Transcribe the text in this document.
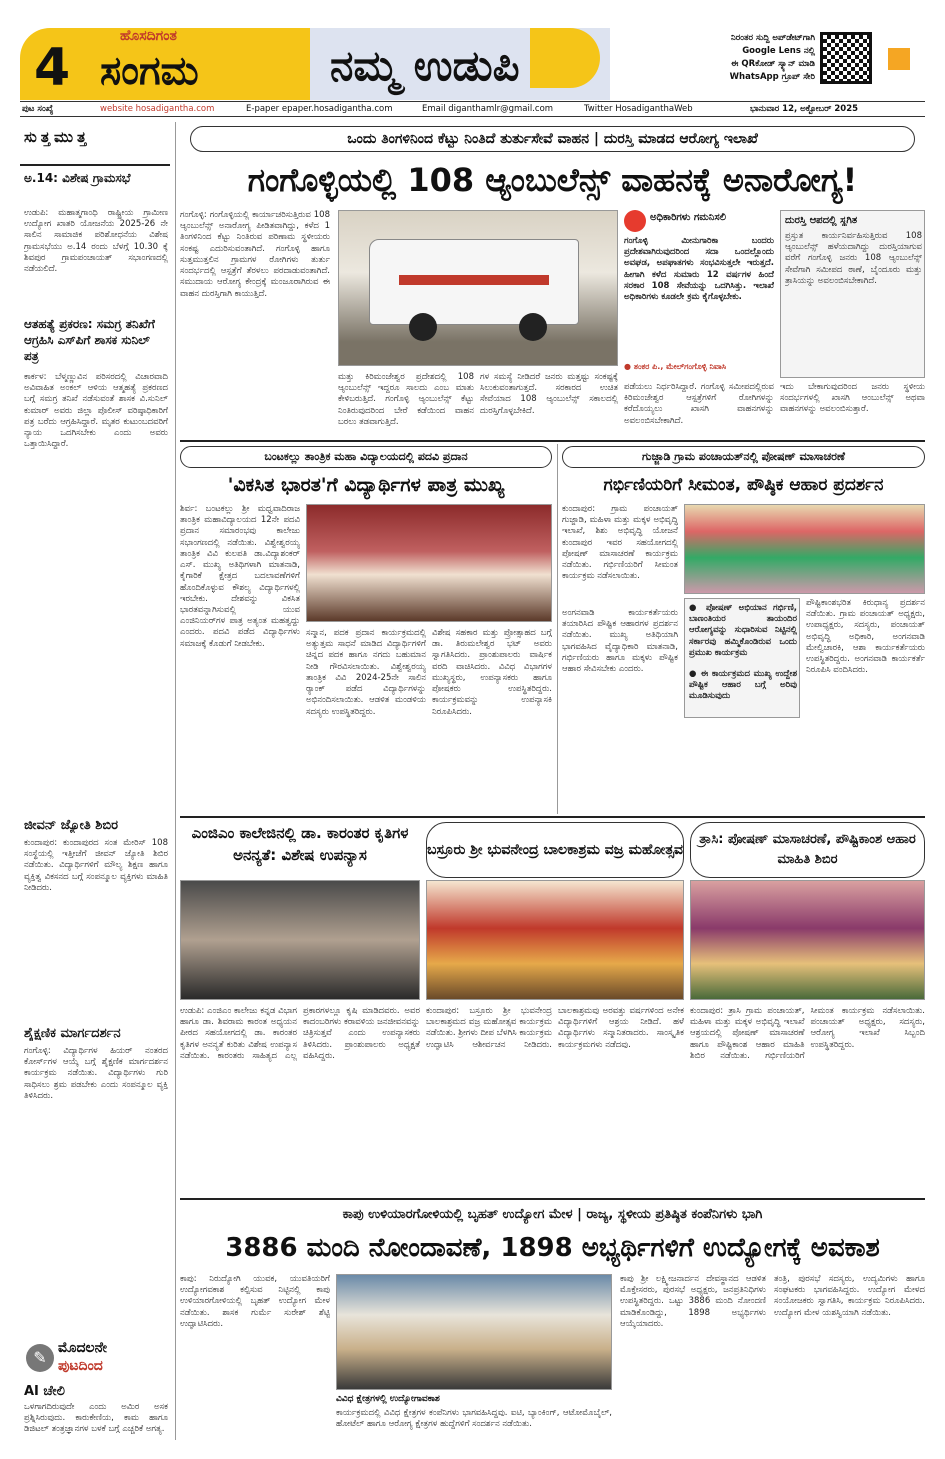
4
ಹೊಸದಿಗಂತ
ಸಂಗಮ	ನಮ್ಮ ಉಡುಪಿ
ನಿರಂತರ ಸುದ್ದಿ ಅಪ್‌ಡೇಟ್‌ಗಾಗಿ
Google Lens ನಲ್ಲಿ
ಈ QRಕೋಡ್ ಸ್ಕ್ಯಾನ್ ಮಾಡಿ
WhatsApp ಗ್ರೂಪ್ ಸೇರಿ
ಪುಟ ಸಂಖ್ಯೆ	website hosadigantha.com	E-paper epaper.hosadigantha.com	Email diganthamlr@gmail.com	Twitter HosadiganthaWeb	ಭಾನುವಾರ 12, ಅಕ್ಟೋಬರ್ 2025
ಸುತ್ತಮುತ್ತ
ಅ.14: ವಿಶೇಷ ಗ್ರಾಮಸಭೆ
ಉಡುಪಿ: ಮಹಾತ್ಮಗಾಂಧಿ ರಾಷ್ಟ್ರೀಯ ಗ್ರಾಮೀಣ ಉದ್ಯೋಗ ಖಾತರಿ ಯೋಜನೆಯ 2025-26 ನೇ ಸಾಲಿನ ಸಾಮಾಜಿಕ ಪರಿಶೋಧನೆಯ ವಿಶೇಷ ಗ್ರಾಮಸಭೆಯು ಅ.14 ರಂದು ಬೆಳಗ್ಗೆ 10.30 ಕ್ಕೆ ಶಿವಪುರ ಗ್ರಾಮಪಂಚಾಯತ್‌ ಸಭಾಂಗಣದಲ್ಲಿ ನಡೆಯಲಿದೆ.
ಆತಹತ್ಯೆ ಪ್ರಕರಣ: ಸಮಗ್ರ ತನಿಖೆಗೆ ಆಗ್ರಹಿಸಿ ಎಸ್‌ಪಿಗೆ ಶಾಸಕ ಸುನಿಲ್ ಪತ್ರ
ಕಾರ್ಕಳ: ಬೆಳ್ಮಣ್ಣುವಿನ ಪರಿಸರದಲ್ಲಿ ವಿಚಾರವಾದಿ ಅವಿವಾಹಿತ ಅಂಕಲ್ ಆಳಿಯ ಆತ್ಮಹತ್ಯೆ ಪ್ರಕರಣದ ಬಗ್ಗೆ ಸಮಗ್ರ ತನಿಖೆ ನಡೆಸುವಂತೆ ಶಾಸಕ ವಿ.ಸುನಿಲ್ ಕುಮಾರ್ ಅವರು ಜಿಲ್ಲಾ ಪೊಲೀಸ್ ವರಿಷ್ಠಾಧಿಕಾರಿಗೆ ಪತ್ರ ಬರೆದು ಆಗ್ರಹಿಸಿದ್ದಾರೆ. ಮೃತರ ಕುಟುಂಬದವರಿಗೆ ನ್ಯಾಯ ಒದಗಿಸಬೇಕು ಎಂದು ಅವರು ಒತ್ತಾಯಿಸಿದ್ದಾರೆ.
ಜೀವನ್ ಜ್ಯೋತಿ ಶಿಬಿರ
ಕುಂದಾಪುರ: ಕುಂದಾಪುರದ ಸಂತ ಮೇರಿಸ್ 108 ಸಂಸ್ಥೆಯಲ್ಲಿ ಇತ್ತೀಚೆಗೆ ಜೀವನ್ ಜ್ಯೋತಿ ಶಿಬಿರ ನಡೆಯಿತು. ವಿದ್ಯಾರ್ಥಿಗಳಿಗೆ ಮೌಲ್ಯ ಶಿಕ್ಷಣ ಹಾಗೂ ವ್ಯಕ್ತಿತ್ವ ವಿಕಸನದ ಬಗ್ಗೆ ಸಂಪನ್ಮೂಲ ವ್ಯಕ್ತಿಗಳು ಮಾಹಿತಿ ನೀಡಿದರು.
ಶೈಕ್ಷಣಿಕ ಮಾರ್ಗದರ್ಶನ
ಗಂಗೊಳ್ಳಿ: ವಿದ್ಯಾರ್ಥಿಗಳ ಹಿಯರ್ ನಂತರದ ಕೋರ್ಸ್‌ಗಳ ಆಯ್ಕೆ ಬಗ್ಗೆ ಶೈಕ್ಷಣಿಕ ಮಾರ್ಗದರ್ಶನ ಕಾರ್ಯಕ್ರಮ ನಡೆಯಿತು. ವಿದ್ಯಾರ್ಥಿಗಳು ಗುರಿ ಸಾಧಿಸಲು ಶ್ರಮ ಪಡಬೇಕು ಎಂದು ಸಂಪನ್ಮೂಲ ವ್ಯಕ್ತಿ ತಿಳಿಸಿದರು.
✎ ಮೊದಲನೇ
ಪುಟದಿಂದ
AI ಚೇಲಿ
ಒಳಗಾಗದಿರುವುದೇ ಎಂದು ಅಮಿರ ಅಸಕ ಪ್ರಶ್ನಿಸಿರುವುದು. ಕಾರುಕೇಣಿಯ, ಕಾಮ ಹಾಗೂ ಡಿಜಿಟಲ್ ತಂತ್ರಜ್ಞಾನಗಳ ಬಳಕೆ ಬಗ್ಗೆ ಎಚ್ಚರಿಕೆ ಅಗತ್ಯ.
ಒಂದು ತಿಂಗಳಿನಿಂದ ಕೆಟ್ಟು ನಿಂತಿದೆ ತುರ್ತುಸೇವೆ ವಾಹನ | ದುರಸ್ತಿ ಮಾಡದ ಆರೋಗ್ಯ ಇಲಾಖೆ
ಗಂಗೊಳ್ಳಿಯಲ್ಲಿ 108 ಆ್ಯಂಬುಲೆನ್ಸ್ ವಾಹನಕ್ಕೆ ಅನಾರೋಗ್ಯ!
ಗಂಗೊಳ್ಳಿ: ಗಂಗೊಳ್ಳಿಯಲ್ಲಿ ಕಾರ್ಯಾಚರಿಸುತ್ತಿರುವ 108 ಆ್ಯಂಬುಲೆನ್ಸ್ ಅನಾರೋಗ್ಯ ಪೀಡಿತವಾಗಿದ್ದು, ಕಳೆದ 1 ತಿಂಗಳಿನಿಂದ ಕೆಟ್ಟು ನಿಂತಿರುವ ಪರಿಣಾಮ ಸ್ಥಳೀಯರು ಸಂಕಷ್ಟ ಎದುರಿಸುವಂತಾಗಿದೆ. ಗಂಗೊಳ್ಳಿ ಹಾಗೂ ಸುತ್ತಮುತ್ತಲಿನ ಗ್ರಾಮಗಳ ರೋಗಿಗಳು ತುರ್ತು ಸಂದರ್ಭದಲ್ಲಿ ಆಸ್ಪತ್ರೆಗೆ ತೆರಳಲು ಪರದಾಡುವಂತಾಗಿದೆ. ಸಮುದಾಯ ಆರೋಗ್ಯ ಕೇಂದ್ರಕ್ಕೆ ಮಂಜೂರಾಗಿರುವ ಈ ವಾಹನ ದುರಸ್ತಿಗಾಗಿ ಕಾಯುತ್ತಿದೆ.
ಮತ್ತು ಕಿರಿಮಂಜೇಶ್ವರ ಪ್ರದೇಶದಲ್ಲಿ 108 ಆ್ಯಂಬುಲೆನ್ಸ್ ಇದ್ದರೂ ಸಾಲದು ಎಂಬ ಮಾತು ಕೇಳಿಬರುತ್ತಿದೆ. ಗಂಗೊಳ್ಳಿ ಆ್ಯಂಬುಲೆನ್ಸ್ ಕೆಟ್ಟು ನಿಂತಿರುವುದರಿಂದ ಬೇರೆ ಕಡೆಯಿಂದ ವಾಹನ ಬರಲು ತಡವಾಗುತ್ತಿದೆ.
ಗಳ ಸಮಸ್ಯೆ ನೀಡಿದರೆ ಜನರು ಮತ್ತಷ್ಟು ಸಂಕಷ್ಟಕ್ಕೆ ಸಿಲುಕುವಂತಾಗುತ್ತದೆ. ಸರಕಾರದ ಉಚಿತ ಸೇವೆಯಾದ 108 ಆ್ಯಂಬುಲೆನ್ಸ್ ಸಕಾಲದಲ್ಲಿ ದುರಸ್ತಿಗೊಳ್ಳಬೇಕಿದೆ.
ಅಧಿಕಾರಿಗಳು ಗಮನಿಸಲಿ
ಗಂಗೊಳ್ಳಿ ಮೀನುಗಾರಿಕಾ ಬಂದರು ಪ್ರದೇಶವಾಗಿರುವುದರಿಂದ ಸದಾ ಒಂದಲ್ಲೊಂದು ಅವಘಡ, ಅಪಘಾತಗಳು ಸಂಭವಿಸುತ್ತಲೇ ಇರುತ್ತದೆ. ಹೀಗಾಗಿ ಕಳೆದ ಸುಮಾರು 12 ವರ್ಷಗಳ ಹಿಂದೆ ಸರಕಾರ 108 ಸೇವೆಯನ್ನು ಒದಗಿಸಿತ್ತು. ಇಲಾಖೆ ಅಧಿಕಾರಿಗಳು ಕೂಡಲೇ ಕ್ರಮ ಕೈಗೊಳ್ಳಬೇಕು.
● ತಂಕರ ಪಿ., ಮೇಲ್‌ಗಂಗೊಳ್ಳಿ ನಿವಾಸಿ
ದುರಸ್ತಿ ಆಪದಲ್ಲಿ ಸ್ಥಗಿತ
ಪ್ರಸ್ತುತ ಕಾರ್ಯನಿರ್ವಹಿಸುತ್ತಿರುವ 108 ಆ್ಯಂಬುಲೆನ್ಸ್ ಹಳೆಯದಾಗಿದ್ದು ದುರಸ್ತಿಯಾಗುವ ವರೆಗೆ ಗಂಗೊಳ್ಳಿ ಜನರು 108 ಆ್ಯಂಬುಲೆನ್ಸ್ ಸೇವೆಗಾಗಿ ಸಮೀಪದ ಠಾಣೆ, ಬೈಂದೂರು ಮತ್ತು ತ್ರಾಸಿಯನ್ನು ಅವಲಂಬಿಸಬೇಕಾಗಿದೆ.
ಪಡೆಯಲು ನಿರ್ಧರಿಸಿದ್ದಾರೆ. ಗಂಗೊಳ್ಳಿ ಸಮೀಪದಲ್ಲಿರುವ ಕಿರಿಮಂಜೇಶ್ವರ ಆಸ್ಪತ್ರೆಗಳಿಗೆ ರೋಗಿಗಳನ್ನು ಕರೆದೊಯ್ಯಲು ಖಾಸಗಿ ವಾಹನಗಳನ್ನು ಅವಲಂಬಿಸಬೇಕಾಗಿದೆ.
ಇದು ಬೇಕಾಗುವುದರಿಂದ ಜನರು ಸ್ಥಳೀಯ ಸಂದರ್ಭಗಳಲ್ಲಿ ಖಾಸಗಿ ಆಂಬುಲೆನ್ಸ್ ಅಥವಾ ವಾಹನಗಳನ್ನು ಅವಲಂಬಿಸುತ್ತಾರೆ.
ಬಂಟಕಲ್ಲು ತಾಂತ್ರಿಕ ಮಹಾ ವಿದ್ಯಾಲಯದಲ್ಲಿ ಪದವಿ ಪ್ರದಾನ
'ವಿಕಸಿತ ಭಾರತ'ಗೆ ವಿದ್ಯಾರ್ಥಿಗಳ ಪಾತ್ರ ಮುಖ್ಯ
ಶಿರ್ವ: ಬಂಟಕಲ್ಲು ಶ್ರೀ ಮಧ್ವವಾದಿರಾಜ ತಾಂತ್ರಿಕ ಮಹಾವಿದ್ಯಾಲಯದ 12ನೇ ಪದವಿ ಪ್ರದಾನ ಸಮಾರಂಭವು ಕಾಲೇಜು ಸಭಾಂಗಣದಲ್ಲಿ ನಡೆಯಿತು. ವಿಶ್ವೇಶ್ವರಯ್ಯ ತಾಂತ್ರಿಕ ವಿವಿ ಕುಲಪತಿ ಡಾ.ವಿದ್ಯಾಶಂಕರ್ ಎಸ್. ಮುಖ್ಯ ಅತಿಥಿಗಳಾಗಿ ಮಾತನಾಡಿ, ಕೈಗಾರಿಕೆ ಕ್ಷೇತ್ರದ ಬದಲಾವಣೆಗಳಿಗೆ ಹೊಂದಿಕೊಳ್ಳುವ ಕೌಶಲ್ಯ ವಿದ್ಯಾರ್ಥಿಗಳಲ್ಲಿ ಇರಬೇಕು. ದೇಶವನ್ನು ವಿಕಸಿತ ಭಾರತವನ್ನಾಗಿಸುವಲ್ಲಿ ಯುವ ಎಂಜಿನಿಯರ್‌ಗಳ ಪಾತ್ರ ಅತ್ಯಂತ ಮಹತ್ವದ್ದು ಎಂದರು. ಪದವಿ ಪಡೆದ ವಿದ್ಯಾರ್ಥಿಗಳು ಸಮಾಜಕ್ಕೆ ಕೊಡುಗೆ ನೀಡಬೇಕು.
ಸನ್ಮಾನ, ಪದಕ ಪ್ರದಾನ ಕಾರ್ಯಕ್ರಮದಲ್ಲಿ ಅತ್ಯುತ್ತಮ ಸಾಧನೆ ಮಾಡಿದ ವಿದ್ಯಾರ್ಥಿಗಳಿಗೆ ಚಿನ್ನದ ಪದಕ ಹಾಗೂ ನಗದು ಬಹುಮಾನ ನೀಡಿ ಗೌರವಿಸಲಾಯಿತು. ವಿಶ್ವೇಶ್ವರಯ್ಯ ತಾಂತ್ರಿಕ ವಿವಿ 2024-25ನೇ ಸಾಲಿನ ರ‍್ಯಾಂಕ್ ಪಡೆದ ವಿದ್ಯಾರ್ಥಿಗಳನ್ನು ಅಭಿನಂದಿಸಲಾಯಿತು. ಆಡಳಿತ ಮಂಡಳಿಯ ಸದಸ್ಯರು ಉಪಸ್ಥಿತರಿದ್ದರು.
ವಿಶೇಷ ಸಹಕಾರ ಮತ್ತು ಪ್ರೋತ್ಸಾಹದ ಬಗ್ಗೆ ಡಾ. ತಿರುಮಲೇಶ್ವರ ಭಟ್ ಅವರು ಸ್ವಾಗತಿಸಿದರು. ಪ್ರಾಂಶುಪಾಲರು ವಾರ್ಷಿಕ ವರದಿ ವಾಚಿಸಿದರು. ವಿವಿಧ ವಿಭಾಗಗಳ ಮುಖ್ಯಸ್ಥರು, ಉಪನ್ಯಾಸಕರು ಹಾಗೂ ಪೋಷಕರು ಉಪಸ್ಥಿತರಿದ್ದರು. ಕಾರ್ಯಕ್ರಮವನ್ನು ಉಪನ್ಯಾಸಕಿ ನಿರೂಪಿಸಿದರು.
ಗುಜ್ಜಾಡಿ ಗ್ರಾಮ ಪಂಚಾಯತ್‌ನಲ್ಲಿ ಪೋಷಣ್ ಮಾಸಾಚರಣೆ
ಗರ್ಭಿಣಿಯರಿಗೆ ಸೀಮಂತ, ಪೌಷ್ಠಿಕ ಆಹಾರ ಪ್ರದರ್ಶನ
ಕುಂದಾಪುರ: ಗ್ರಾಮ ಪಂಚಾಯತ್ ಗುಜ್ಜಾಡಿ, ಮಹಿಳಾ ಮತ್ತು ಮಕ್ಕಳ ಅಭಿವೃದ್ಧಿ ಇಲಾಖೆ, ಶಿಶು ಅಭಿವೃದ್ಧಿ ಯೋಜನೆ ಕುಂದಾಪುರ ಇವರ ಸಹಯೋಗದಲ್ಲಿ ಪೋಷಣ್ ಮಾಸಾಚರಣೆ ಕಾರ್ಯಕ್ರಮ ನಡೆಯಿತು. ಗರ್ಭಿಣಿಯರಿಗೆ ಸೀಮಂತ ಕಾರ್ಯಕ್ರಮ ನಡೆಸಲಾಯಿತು.
ಅಂಗನವಾಡಿ ಕಾರ್ಯಕರ್ತೆಯರು ತಯಾರಿಸಿದ ಪೌಷ್ಟಿಕ ಆಹಾರಗಳ ಪ್ರದರ್ಶನ ನಡೆಯಿತು. ಮುಖ್ಯ ಅತಿಥಿಯಾಗಿ ಭಾಗವಹಿಸಿದ ವೈದ್ಯಾಧಿಕಾರಿ ಮಾತನಾಡಿ, ಗರ್ಭಿಣಿಯರು ಹಾಗೂ ಮಕ್ಕಳು ಪೌಷ್ಟಿಕ ಆಹಾರ ಸೇವಿಸಬೇಕು ಎಂದರು.
● ಪೋಷಣ್ ಅಭಿಯಾನ ಗರ್ಭಿಣಿ, ಬಾಣಂತಿಯರ ತಾಯಂದಿರ ಆರೋಗ್ಯವನ್ನು ಸುಧಾರಿಸುವ ನಿಟ್ಟಿನಲ್ಲಿ ಸರ್ಕಾರವು ಹಮ್ಮಿಕೊಂಡಿರುವ ಒಂದು ಪ್ರಮುಖ ಕಾರ್ಯಕ್ರಮ
● ಈ ಕಾರ್ಯಕ್ರಮದ ಮುಖ್ಯ ಉದ್ದೇಶ ಪೌಷ್ಟಿಕ ಆಹಾರ ಬಗ್ಗೆ ಅರಿವು ಮೂಡಿಸುವುದು
ಪೌಷ್ಟಿಕಾಂಶಭರಿತ ಕಿರುಧಾನ್ಯ ಪ್ರದರ್ಶನ ನಡೆಯಿತು. ಗ್ರಾಮ ಪಂಚಾಯತ್ ಅಧ್ಯಕ್ಷರು, ಉಪಾಧ್ಯಕ್ಷರು, ಸದಸ್ಯರು, ಪಂಚಾಯತ್ ಅಭಿವೃದ್ಧಿ ಅಧಿಕಾರಿ, ಅಂಗನವಾಡಿ ಮೇಲ್ವಿಚಾರಕಿ, ಆಶಾ ಕಾರ್ಯಕರ್ತೆಯರು ಉಪಸ್ಥಿತರಿದ್ದರು. ಅಂಗನವಾಡಿ ಕಾರ್ಯಕರ್ತೆ ನಿರೂಪಿಸಿ ವಂದಿಸಿದರು.
ಎಂಜಿಎಂ ಕಾಲೇಜಿನಲ್ಲಿ ಡಾ. ಕಾರಂತರ ಕೃತಿಗಳ ಅನನ್ಯತೆ: ವಿಶೇಷ ಉಪನ್ಯಾಸ
ಉಡುಪಿ: ಎಂಜಿಎಂ ಕಾಲೇಜು ಕನ್ನಡ ವಿಭಾಗ ಹಾಗೂ ಡಾ. ಶಿವರಾಮ ಕಾರಂತ ಅಧ್ಯಯನ ಪೀಠದ ಸಹಯೋಗದಲ್ಲಿ ಡಾ. ಕಾರಂತರ ಕೃತಿಗಳ ಅನನ್ಯತೆ ಕುರಿತು ವಿಶೇಷ ಉಪನ್ಯಾಸ ನಡೆಯಿತು. ಕಾರಂತರು ಸಾಹಿತ್ಯದ ಎಲ್ಲ ಪ್ರಕಾರಗಳಲ್ಲೂ ಕೃಷಿ ಮಾಡಿದವರು. ಅವರ ಕಾದಂಬರಿಗಳು ಕರಾವಳಿಯ ಜನಜೀವನವನ್ನು ಚಿತ್ರಿಸುತ್ತವೆ ಎಂದು ಉಪನ್ಯಾಸಕರು ತಿಳಿಸಿದರು. ಪ್ರಾಂಶುಪಾಲರು ಅಧ್ಯಕ್ಷತೆ ವಹಿಸಿದ್ದರು.
ಬಸ್ರೂರು ಶ್ರೀ ಭುವನೇಂದ್ರ ಬಾಲಕಾಶ್ರಮ ವಜ್ರ ಮಹೋತ್ಸವ
ಕುಂದಾಪುರ: ಬಸ್ರೂರು ಶ್ರೀ ಭುವನೇಂದ್ರ ಬಾಲಕಾಶ್ರಮದ ವಜ್ರ ಮಹೋತ್ಸವ ಕಾರ್ಯಕ್ರಮ ನಡೆಯಿತು. ಶ್ರೀಗಳು ದೀಪ ಬೆಳಗಿಸಿ ಕಾರ್ಯಕ್ರಮ ಉದ್ಘಾಟಿಸಿ ಆಶೀರ್ವಚನ ನೀಡಿದರು. ಬಾಲಕಾಶ್ರಮವು ಅರವತ್ತು ವರ್ಷಗಳಿಂದ ಅನೇಕ ವಿದ್ಯಾರ್ಥಿಗಳಿಗೆ ಆಶ್ರಯ ನೀಡಿದೆ. ಹಳೆ ವಿದ್ಯಾರ್ಥಿಗಳು ಸನ್ಮಾನಿತರಾದರು. ಸಾಂಸ್ಕೃತಿಕ ಕಾರ್ಯಕ್ರಮಗಳು ನಡೆದವು.
ತ್ರಾಸಿ: ಪೋಷಣ್ ಮಾಸಾಚರಣೆ, ಪೌಷ್ಟಿಕಾಂಶ ಆಹಾರ ಮಾಹಿತಿ ಶಿಬಿರ
ಕುಂದಾಪುರ: ತ್ರಾಸಿ ಗ್ರಾಮ ಪಂಚಾಯತ್, ಮಹಿಳಾ ಮತ್ತು ಮಕ್ಕಳ ಅಭಿವೃದ್ಧಿ ಇಲಾಖೆ ಆಶ್ರಯದಲ್ಲಿ ಪೋಷಣ್ ಮಾಸಾಚರಣೆ ಹಾಗೂ ಪೌಷ್ಟಿಕಾಂಶ ಆಹಾರ ಮಾಹಿತಿ ಶಿಬಿರ ನಡೆಯಿತು. ಗರ್ಭಿಣಿಯರಿಗೆ ಸೀಮಂತ ಕಾರ್ಯಕ್ರಮ ನಡೆಸಲಾಯಿತು. ಪಂಚಾಯತ್ ಅಧ್ಯಕ್ಷರು, ಸದಸ್ಯರು, ಆರೋಗ್ಯ ಇಲಾಖೆ ಸಿಬ್ಬಂದಿ ಉಪಸ್ಥಿತರಿದ್ದರು.
ಕಾಪು ಉಳಿಯಾರಗೋಳಿಯಲ್ಲಿ ಬೃಹತ್ ಉದ್ಯೋಗ ಮೇಳ | ರಾಜ್ಯ, ಸ್ಥಳೀಯ ಪ್ರತಿಷ್ಠಿತ ಕಂಪೆನಿಗಳು ಭಾಗಿ
3886 ಮಂದಿ ನೋಂದಾವಣೆ, 1898 ಅಭ್ಯರ್ಥಿಗಳಿಗೆ ಉದ್ಯೋಗಕ್ಕೆ ಅವಕಾಶ
ಕಾಪು: ನಿರುದ್ಯೋಗಿ ಯುವಕ, ಯುವತಿಯರಿಗೆ ಉದ್ಯೋಗವಕಾಶ ಕಲ್ಪಿಸುವ ನಿಟ್ಟಿನಲ್ಲಿ ಕಾಪು ಉಳಿಯಾರಗೋಳಿಯಲ್ಲಿ ಬೃಹತ್ ಉದ್ಯೋಗ ಮೇಳ ನಡೆಯಿತು. ಶಾಸಕ ಗುರ್ಮೆ ಸುರೇಶ್ ಶೆಟ್ಟಿ ಉದ್ಘಾಟಿಸಿದರು.
ವಿವಿಧ ಕ್ಷೇತ್ರಗಳಲ್ಲಿ ಉದ್ಯೋಗಾವಕಾಶ
ಕಾರ್ಯಕ್ರಮದಲ್ಲಿ ವಿವಿಧ ಕ್ಷೇತ್ರಗಳ ಕಂಪೆನಿಗಳು ಭಾಗವಹಿಸಿದ್ದವು. ಐಟಿ, ಬ್ಯಾಂಕಿಂಗ್, ಆಟೋಮೊಬೈಲ್, ಹೋಟೆಲ್ ಹಾಗೂ ಆರೋಗ್ಯ ಕ್ಷೇತ್ರಗಳ ಹುದ್ದೆಗಳಿಗೆ ಸಂದರ್ಶನ ನಡೆಯಿತು.
ಕಾಪು ಶ್ರೀ ಲಕ್ಷ್ಮೀಜನಾರ್ದನ ದೇವಸ್ಥಾನದ ಆಡಳಿತ ಮೊಕ್ತೇಸರರು, ಪುರಸಭೆ ಅಧ್ಯಕ್ಷರು, ಜನಪ್ರತಿನಿಧಿಗಳು ಉಪಸ್ಥಿತರಿದ್ದರು. ಒಟ್ಟು 3886 ಮಂದಿ ನೋಂದಣಿ ಮಾಡಿಕೊಂಡಿದ್ದು, 1898 ಅಭ್ಯರ್ಥಿಗಳು ಆಯ್ಕೆಯಾದರು.
ತಂತ್ರಿ, ಪುರಸಭೆ ಸದಸ್ಯರು, ಉದ್ಯಮಿಗಳು ಹಾಗೂ ಸಂಘಟಕರು ಭಾಗವಹಿಸಿದ್ದರು. ಉದ್ಯೋಗ ಮೇಳದ ಸಂಯೋಜಕರು ಸ್ವಾಗತಿಸಿ, ಕಾರ್ಯಕ್ರಮ ನಿರೂಪಿಸಿದರು. ಉದ್ಯೋಗ ಮೇಳ ಯಶಸ್ವಿಯಾಗಿ ನಡೆಯಿತು.
